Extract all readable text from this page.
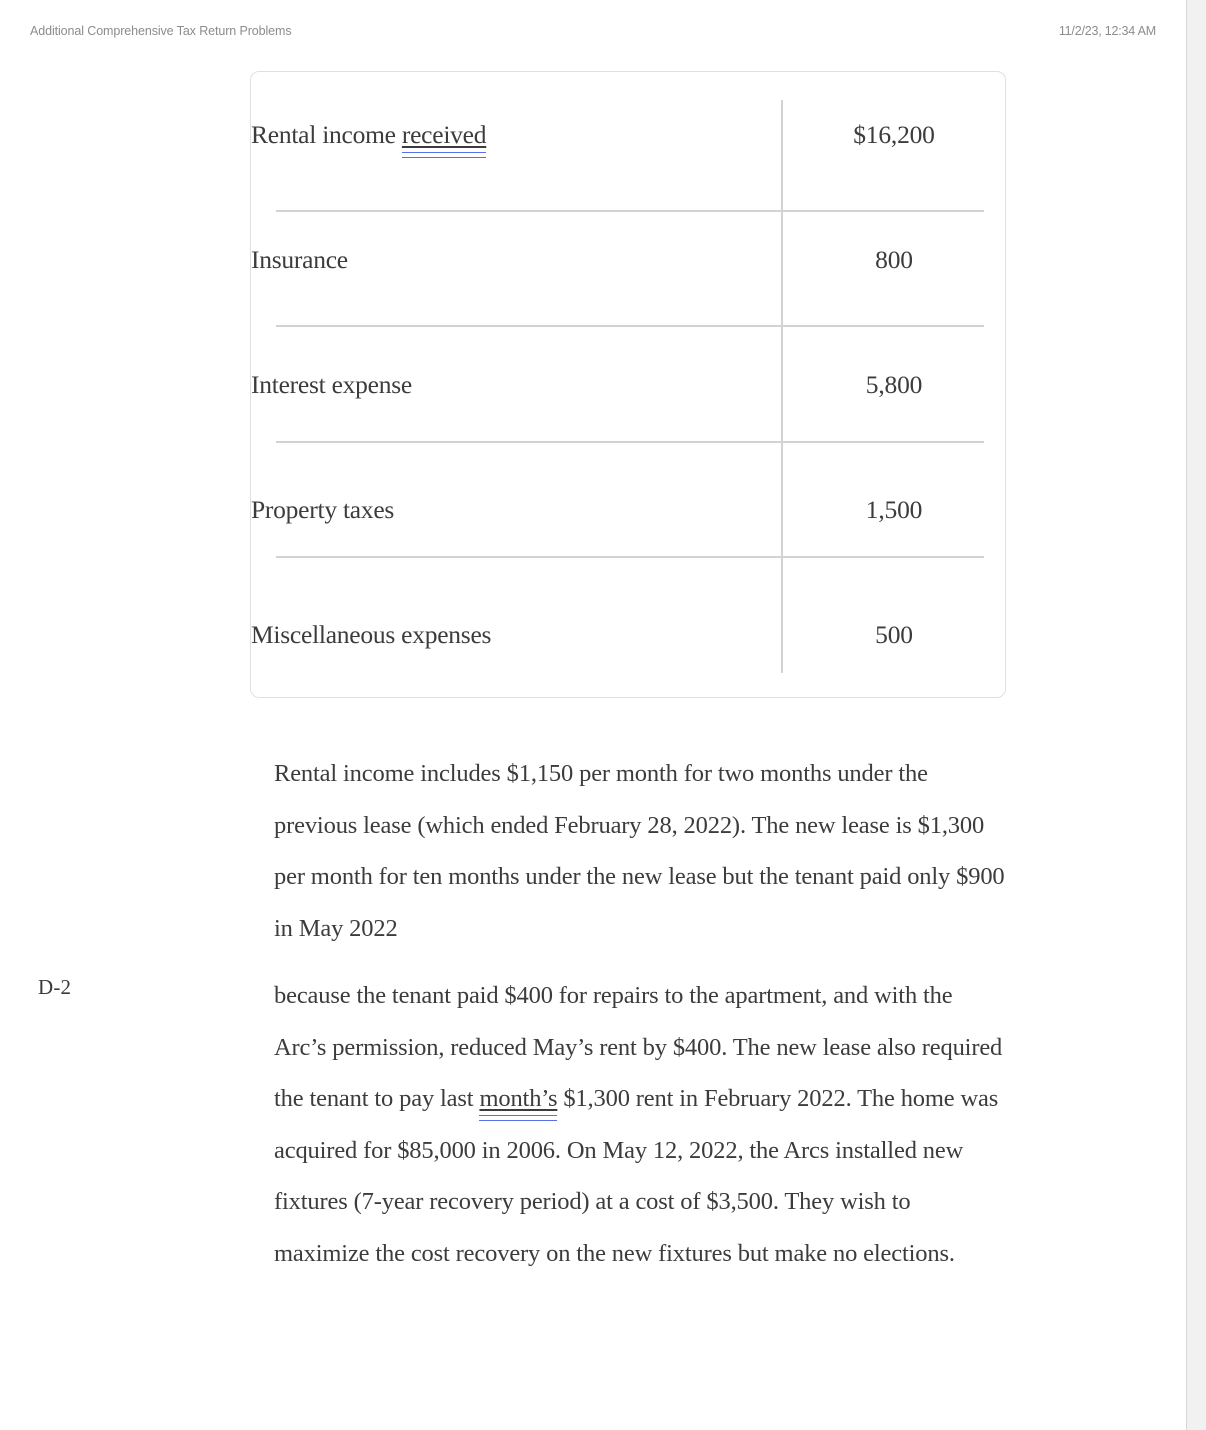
Additional Comprehensive Tax Return Problems	11/2/23, 12:34 AM
D-2
Rental income received	$16,200
Insurance	800
Interest expense	5,800
Property taxes	1,500
Miscellaneous expenses	500

Rental income includes $1,150 per month for two months under the previous lease (which ended February 28, 2022). The new lease is $1,300 per month for ten months under the new lease but the tenant paid only $900 in May 2022

because the tenant paid $400 for repairs to the apartment, and with the Arc’s permission, reduced May’s rent by $400. The new lease also required the tenant to pay last month’s $1,300 rent in February 2022. The home was acquired for $85,000 in 2006. On May 12, 2022, the Arcs installed new fixtures (7-year recovery period) at a cost of $3,500. They wish to maximize the cost recovery on the new fixtures but make no elections.
